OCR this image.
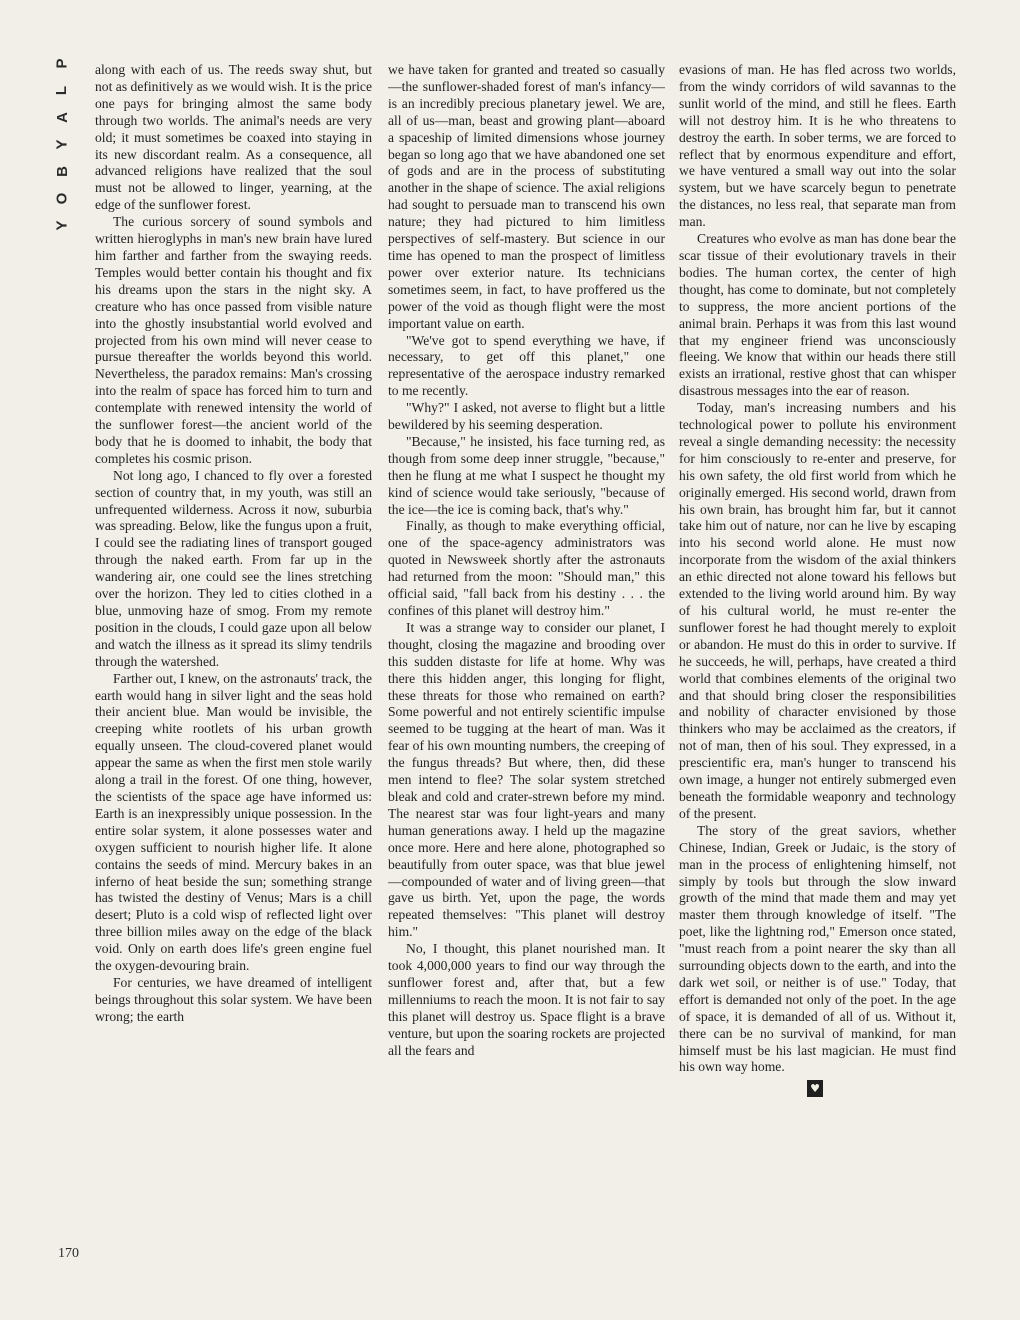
P
L
A
Y
B
O
Y

along with each of us. The reeds sway shut, but not as definitively as we would wish. It is the price one pays for bringing almost the same body through two worlds. The animal's needs are very old; it must sometimes be coaxed into staying in its new discordant realm. As a consequence, all advanced religions have realized that the soul must not be allowed to linger, yearning, at the edge of the sunflower forest.

The curious sorcery of sound symbols and written hieroglyphs in man's new brain have lured him farther and farther from the swaying reeds. Temples would better contain his thought and fix his dreams upon the stars in the night sky. A creature who has once passed from visible nature into the ghostly insubstantial world evolved and projected from his own mind will never cease to pursue thereafter the worlds beyond this world. Nevertheless, the paradox remains: Man's crossing into the realm of space has forced him to turn and contemplate with renewed intensity the world of the sunflower forest—the ancient world of the body that he is doomed to inhabit, the body that completes his cosmic prison.

Not long ago, I chanced to fly over a forested section of country that, in my youth, was still an unfrequented wilderness. Across it now, suburbia was spreading. Below, like the fungus upon a fruit, I could see the radiating lines of transport gouged through the naked earth. From far up in the wandering air, one could see the lines stretching over the horizon. They led to cities clothed in a blue, unmoving haze of smog. From my remote position in the clouds, I could gaze upon all below and watch the illness as it spread its slimy tendrils through the watershed.

Farther out, I knew, on the astronauts' track, the earth would hang in silver light and the seas hold their ancient blue. Man would be invisible, the creeping white rootlets of his urban growth equally unseen. The cloud-covered planet would appear the same as when the first men stole warily along a trail in the forest. Of one thing, however, the scientists of the space age have informed us: Earth is an inexpressibly unique possession. In the entire solar system, it alone possesses water and oxygen sufficient to nourish higher life. It alone contains the seeds of mind. Mercury bakes in an inferno of heat beside the sun; something strange has twisted the destiny of Venus; Mars is a chill desert; Pluto is a cold wisp of reflected light over three billion miles away on the edge of the black void. Only on earth does life's green engine fuel the oxygen-devouring brain.

For centuries, we have dreamed of intelligent beings throughout this solar system. We have been wrong; the earth

we have taken for granted and treated so casually—the sunflower-shaded forest of man's infancy—is an incredibly precious planetary jewel. We are, all of us—man, beast and growing plant—aboard a spaceship of limited dimensions whose journey began so long ago that we have abandoned one set of gods and are in the process of substituting another in the shape of science. The axial religions had sought to persuade man to transcend his own nature; they had pictured to him limitless perspectives of self-mastery. But science in our time has opened to man the prospect of limitless power over exterior nature. Its technicians sometimes seem, in fact, to have proffered us the power of the void as though flight were the most important value on earth.

"We've got to spend everything we have, if necessary, to get off this planet," one representative of the aerospace industry remarked to me recently.

"Why?" I asked, not averse to flight but a little bewildered by his seeming desperation.

"Because," he insisted, his face turning red, as though from some deep inner struggle, "because," then he flung at me what I suspect he thought my kind of science would take seriously, "because of the ice—the ice is coming back, that's why."

Finally, as though to make everything official, one of the space-agency administrators was quoted in Newsweek shortly after the astronauts had returned from the moon: "Should man," this official said, "fall back from his destiny . . . the confines of this planet will destroy him."

It was a strange way to consider our planet, I thought, closing the magazine and brooding over this sudden distaste for life at home. Why was there this hidden anger, this longing for flight, these threats for those who remained on earth? Some powerful and not entirely scientific impulse seemed to be tugging at the heart of man. Was it fear of his own mounting numbers, the creeping of the fungus threads? But where, then, did these men intend to flee? The solar system stretched bleak and cold and crater-strewn before my mind. The nearest star was four light-years and many human generations away. I held up the magazine once more. Here and here alone, photographed so beautifully from outer space, was that blue jewel—compounded of water and of living green—that gave us birth. Yet, upon the page, the words repeated themselves: "This planet will destroy him."

No, I thought, this planet nourished man. It took 4,000,000 years to find our way through the sunflower forest and, after that, but a few millenniums to reach the moon. It is not fair to say this planet will destroy us. Space flight is a brave venture, but upon the soaring rockets are projected all the fears and

evasions of man. He has fled across two worlds, from the windy corridors of wild savannas to the sunlit world of the mind, and still he flees. Earth will not destroy him. It is he who threatens to destroy the earth. In sober terms, we are forced to reflect that by enormous expenditure and effort, we have ventured a small way out into the solar system, but we have scarcely begun to penetrate the distances, no less real, that separate man from man.

Creatures who evolve as man has done bear the scar tissue of their evolutionary travels in their bodies. The human cortex, the center of high thought, has come to dominate, but not completely to suppress, the more ancient portions of the animal brain. Perhaps it was from this last wound that my engineer friend was unconsciously fleeing. We know that within our heads there still exists an irrational, restive ghost that can whisper disastrous messages into the ear of reason.

Today, man's increasing numbers and his technological power to pollute his environment reveal a single demanding necessity: the necessity for him consciously to re-enter and preserve, for his own safety, the old first world from which he originally emerged. His second world, drawn from his own brain, has brought him far, but it cannot take him out of nature, nor can he live by escaping into his second world alone. He must now incorporate from the wisdom of the axial thinkers an ethic directed not alone toward his fellows but extended to the living world around him. By way of his cultural world, he must re-enter the sunflower forest he had thought merely to exploit or abandon. He must do this in order to survive. If he succeeds, he will, perhaps, have created a third world that combines elements of the original two and that should bring closer the responsibilities and nobility of character envisioned by those thinkers who may be acclaimed as the creators, if not of man, then of his soul. They expressed, in a prescientific era, man's hunger to transcend his own image, a hunger not entirely submerged even beneath the formidable weaponry and technology of the present.

The story of the great saviors, whether Chinese, Indian, Greek or Judaic, is the story of man in the process of enlightening himself, not simply by tools but through the slow inward growth of the mind that made them and may yet master them through knowledge of itself. "The poet, like the lightning rod," Emerson once stated, "must reach from a point nearer the sky than all surrounding objects down to the earth, and into the dark wet soil, or neither is of use." Today, that effort is demanded not only of the poet. In the age of space, it is demanded of all of us. Without it, there can be no survival of mankind, for man himself must be his last magician. He must find his own way home.

♥
170
